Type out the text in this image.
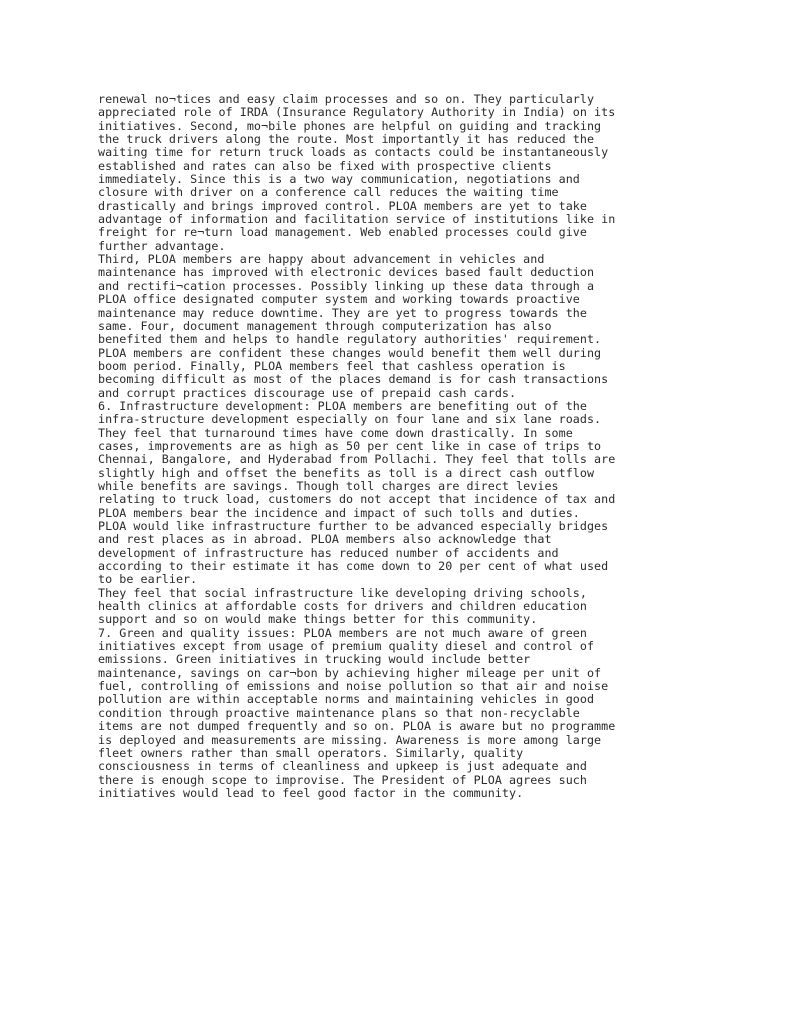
renewal no¬tices and easy claim processes and so on. They particularly
appreciated role of IRDA (Insurance Regulatory Authority in India) on its
initiatives. Second, mo¬bile phones are helpful on guiding and tracking
the truck drivers along the route. Most importantly it has reduced the
waiting time for return truck loads as contacts could be instantaneously
established and rates can also be fixed with prospective clients
immediately. Since this is a two way communication, negotiations and
closure with driver on a conference call reduces the waiting time
drastically and brings improved control. PLOA members are yet to take
advantage of information and facilitation service of institutions like in
freight for re¬turn load management. Web enabled processes could give
further advantage.
Third, PLOA members are happy about advancement in vehicles and
maintenance has improved with electronic devices based fault deduction
and rectifi¬cation processes. Possibly linking up these data through a
PLOA office designated computer system and working towards proactive
maintenance may reduce downtime. They are yet to progress towards the
same. Four, document management through computerization has also
benefited them and helps to handle regulatory authorities' requirement.
PLOA members are confident these changes would benefit them well during
boom period. Finally, PLOA members feel that cashless operation is
becoming difficult as most of the places demand is for cash transactions
and corrupt practices discourage use of prepaid cash cards.
6. Infrastructure development: PLOA members are benefiting out of the
infra-structure development especially on four lane and six lane roads.
They feel that turnaround times have come down drastically. In some
cases, improvements are as high as 50 per cent like in case of trips to
Chennai, Bangalore, and Hyderabad from Pollachi. They feel that tolls are
slightly high and offset the benefits as toll is a direct cash outflow
while benefits are savings. Though toll charges are direct levies
relating to truck load, customers do not accept that incidence of tax and
PLOA members bear the incidence and impact of such tolls and duties.
PLOA would like infrastructure further to be advanced especially bridges
and rest places as in abroad. PLOA members also acknowledge that
development of infrastructure has reduced number of accidents and
according to their estimate it has come down to 20 per cent of what used
to be earlier.
They feel that social infrastructure like developing driving schools,
health clinics at affordable costs for drivers and children education
support and so on would make things better for this community.
7. Green and quality issues: PLOA members are not much aware of green
initiatives except from usage of premium quality diesel and control of
emissions. Green initiatives in trucking would include better
maintenance, savings on car¬bon by achieving higher mileage per unit of
fuel, controlling of emissions and noise pollution so that air and noise
pollution are within acceptable norms and maintaining vehicles in good
condition through proactive maintenance plans so that non-recyclable
items are not dumped frequently and so on. PLOA is aware but no programme
is deployed and measurements are missing. Awareness is more among large
fleet owners rather than small operators. Similarly, quality
consciousness in terms of cleanliness and upkeep is just adequate and
there is enough scope to improvise. The President of PLOA agrees such
initiatives would lead to feel good factor in the community.
